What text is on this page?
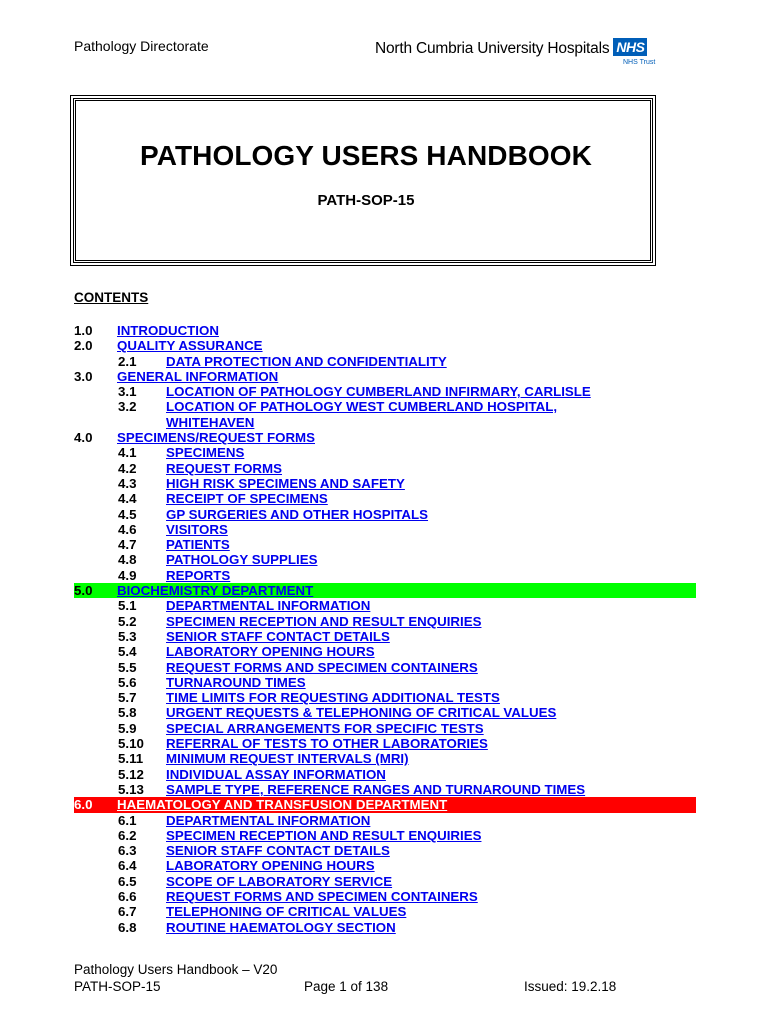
Pathology Directorate	North Cumbria University Hospitals NHS
NHS Trust
PATHOLOGY USERS HANDBOOK
PATH-SOP-15
CONTENTS
1.0 INTRODUCTION
2.0 QUALITY ASSURANCE
2.1 DATA PROTECTION AND CONFIDENTIALITY
3.0 GENERAL INFORMATION
3.1 LOCATION OF PATHOLOGY CUMBERLAND INFIRMARY, CARLISLE
3.2 LOCATION OF PATHOLOGY WEST CUMBERLAND HOSPITAL,
WHITEHAVEN
4.0 SPECIMENS/REQUEST FORMS
4.1 SPECIMENS
4.2 REQUEST FORMS
4.3 HIGH RISK SPECIMENS AND SAFETY
4.4 RECEIPT OF SPECIMENS
4.5 GP SURGERIES AND OTHER HOSPITALS
4.6 VISITORS
4.7 PATIENTS
4.8 PATHOLOGY SUPPLIES
4.9 REPORTS
5.0 BIOCHEMISTRY DEPARTMENT
5.1 DEPARTMENTAL INFORMATION
5.2 SPECIMEN RECEPTION AND RESULT ENQUIRIES
5.3 SENIOR STAFF CONTACT DETAILS
5.4 LABORATORY OPENING HOURS
5.5 REQUEST FORMS AND SPECIMEN CONTAINERS
5.6 TURNAROUND TIMES
5.7 TIME LIMITS FOR REQUESTING ADDITIONAL TESTS
5.8 URGENT REQUESTS & TELEPHONING OF CRITICAL VALUES
5.9 SPECIAL ARRANGEMENTS FOR SPECIFIC TESTS
5.10 REFERRAL OF TESTS TO OTHER LABORATORIES
5.11 MINIMUM REQUEST INTERVALS (MRI)
5.12 INDIVIDUAL ASSAY INFORMATION
5.13 SAMPLE TYPE, REFERENCE RANGES AND TURNAROUND TIMES
6.0 HAEMATOLOGY AND TRANSFUSION DEPARTMENT
6.1 DEPARTMENTAL INFORMATION
6.2 SPECIMEN RECEPTION AND RESULT ENQUIRIES
6.3 SENIOR STAFF CONTACT DETAILS
6.4 LABORATORY OPENING HOURS
6.5 SCOPE OF LABORATORY SERVICE
6.6 REQUEST FORMS AND SPECIMEN CONTAINERS
6.7 TELEPHONING OF CRITICAL VALUES
6.8 ROUTINE HAEMATOLOGY SECTION
Pathology Users Handbook – V20
PATH-SOP-15	Page 1 of 138	Issued: 19.2.18
